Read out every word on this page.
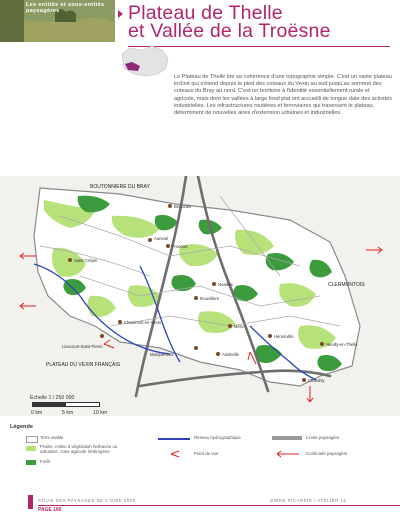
Les entités et sous-entités paysagères	Plateau de Thelle
et Vallée de la Troësne
Le Plateau de Thelle tire sa cohérence d'une topographie simple. C'est un vaste plateau incliné qui s'étend depuis le pied des coteaux du Vexin au sud jusqu'au sommet des coteaux du Bray au nord. C'est un territoire à l'identité essentiellement rurale et agricole, mais dont les vallées à large fond plat ont accueilli de longue date des activités industrielles. Les infrastructures routières et ferroviaires qui traversent le plateau, déterminent de nouvelles aires d'extension urbaines et industrielles.
BOUTONNIERE DU BRAY
CLERMONTOIS
PLATEAU DU VEXIN FRANÇAIS
Beauvais
Auneuil
Frocourt
Saint-Crépin
Ibouvillers
Noailles
Chaumont-en-Vexin
Liancourt-Saint-Pierre
Méru
Marquemont	Andeville
Hénonville
Neuilly-en-Thelle
Chambly
Echelle 1 / 250 000
0 km	5 km	10 km
Légende
Terre arable
Prairie, milieu à végétation herbacée ou arbustive, zone agricole hétérogène
Forêt
Réseau hydrographique
Point de vue
Limite paysagère
Continuité paysagère
ATLAS DES PAYSAGES DE L'OISE 2005	DIREN PICARDIE / ATELIER 15
PAGE 160
